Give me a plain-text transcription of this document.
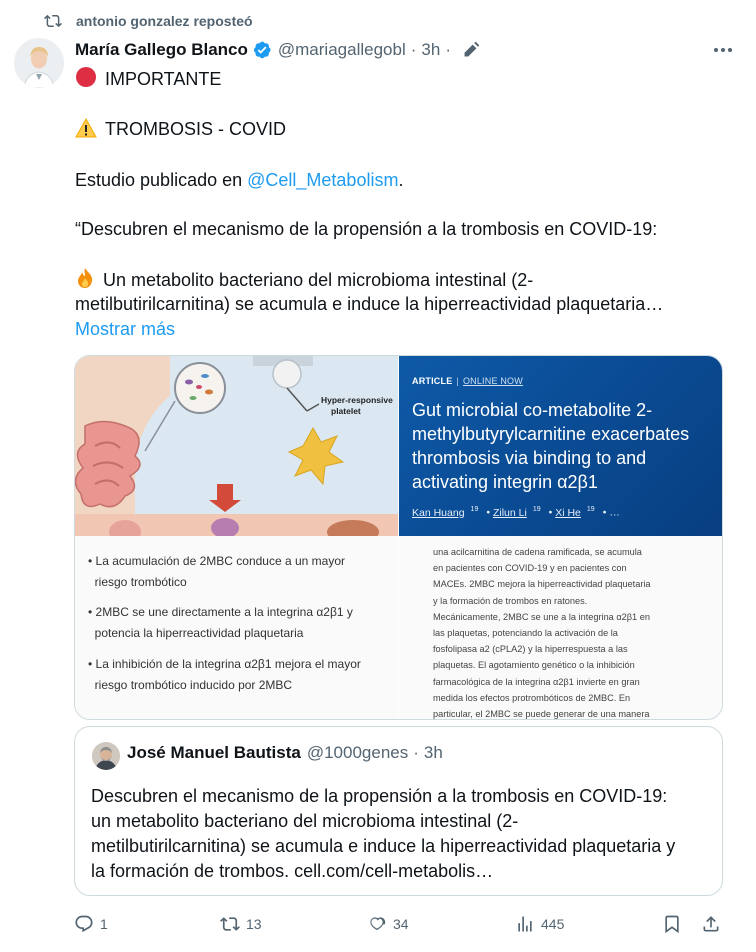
antonio gonzalez reposteó
María Gallego Blanco @mariagallegobl · 3h ·
IMPORTANTE
TROMBOSIS - COVID
Estudio publicado en @Cell_Metabolism.
“Descubren el mecanismo de la propensión a la trombosis en COVID-19:
Un metabolito bacteriano del microbioma intestinal (2-
metilbutirilcarnitina) se acumula e induce la hiperreactividad plaquetaria…
Mostrar más
Hyper-responsive
platelet
ARTICLE | ONLINE NOW
Gut microbial co-metabolite 2-methylbutyrylcarnitine exacerbates thrombosis via binding to and activating integrin α2β1
Kan Huang $^{19}$ • Zilun Li $^{19}$ • Xi He $^{19}$ • …
• La acumulación de 2MBC conduce a un mayor
riesgo trombótico
• 2MBC se une directamente a la integrina α2β1 y
potencia la hiperreactividad plaquetaria
• La inhibición de la integrina α2β1 mejora el mayor
riesgo trombótico inducido por 2MBC
una acilcarnitina de cadena ramificada, se acumula
en pacientes con COVID-19 y en pacientes con
MACEs. 2MBC mejora la hiperreactividad plaquetaria
y la formación de trombos en ratones.
Mecánicamente, 2MBC se une a la integrina α2β1 en
las plaquetas, potenciando la activación de la
fosfolipasa a2 (cPLA2) y la hiperrespuesta a las
plaquetas. El agotamiento genético o la inhibición
farmacológica de la integrina α2β1 invierte en gran
medida los efectos protrombóticos de 2MBC. En
particular, el 2MBC se puede generar de una manera
José Manuel Bautista @1000genes · 3h
Descubren el mecanismo de la propensión a la trombosis en COVID-19:
un metabolito bacteriano del microbioma intestinal (2-
metilbutirilcarnitina) se acumula e induce la hiperreactividad plaquetaria y
la formación de trombos. cell.com/cell-metabolis…
1	13	34	445
